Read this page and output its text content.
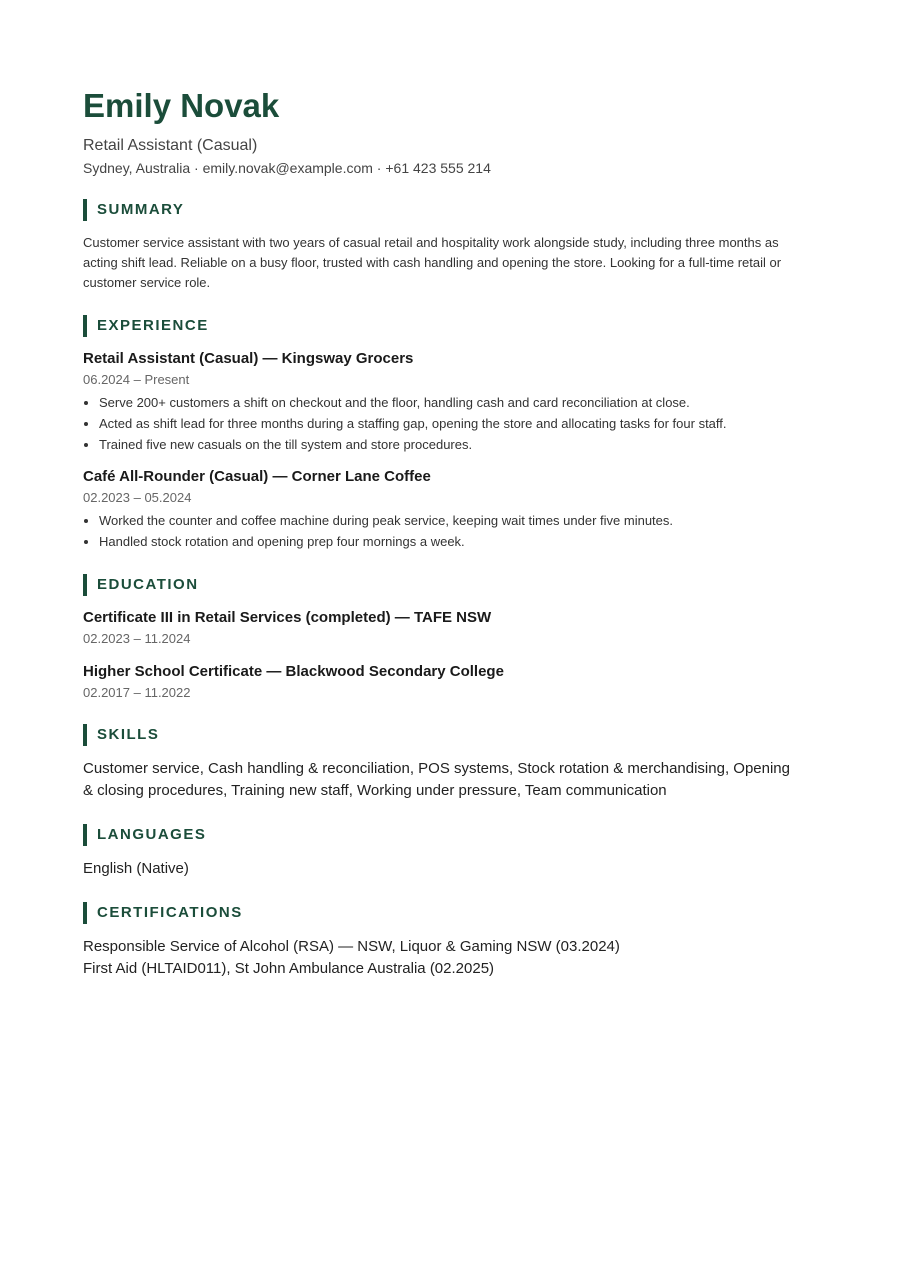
Emily Novak
Retail Assistant (Casual)
Sydney, Australia · emily.novak@example.com · +61 423 555 214
SUMMARY
Customer service assistant with two years of casual retail and hospitality work alongside study, including three months as acting shift lead. Reliable on a busy floor, trusted with cash handling and opening the store. Looking for a full-time retail or customer service role.
EXPERIENCE
Retail Assistant (Casual) — Kingsway Grocers
06.2024 – Present
• Serve 200+ customers a shift on checkout and the floor, handling cash and card reconciliation at close.
• Acted as shift lead for three months during a staffing gap, opening the store and allocating tasks for four staff.
• Trained five new casuals on the till system and store procedures.
Café All-Rounder (Casual) — Corner Lane Coffee
02.2023 – 05.2024
• Worked the counter and coffee machine during peak service, keeping wait times under five minutes.
• Handled stock rotation and opening prep four mornings a week.
EDUCATION
Certificate III in Retail Services (completed) — TAFE NSW
02.2023 – 11.2024
Higher School Certificate — Blackwood Secondary College
02.2017 – 11.2022
SKILLS
Customer service, Cash handling & reconciliation, POS systems, Stock rotation & merchandising, Opening & closing procedures, Training new staff, Working under pressure, Team communication
LANGUAGES
English (Native)
CERTIFICATIONS
Responsible Service of Alcohol (RSA) — NSW, Liquor & Gaming NSW (03.2024)
First Aid (HLTAID011), St John Ambulance Australia (02.2025)
